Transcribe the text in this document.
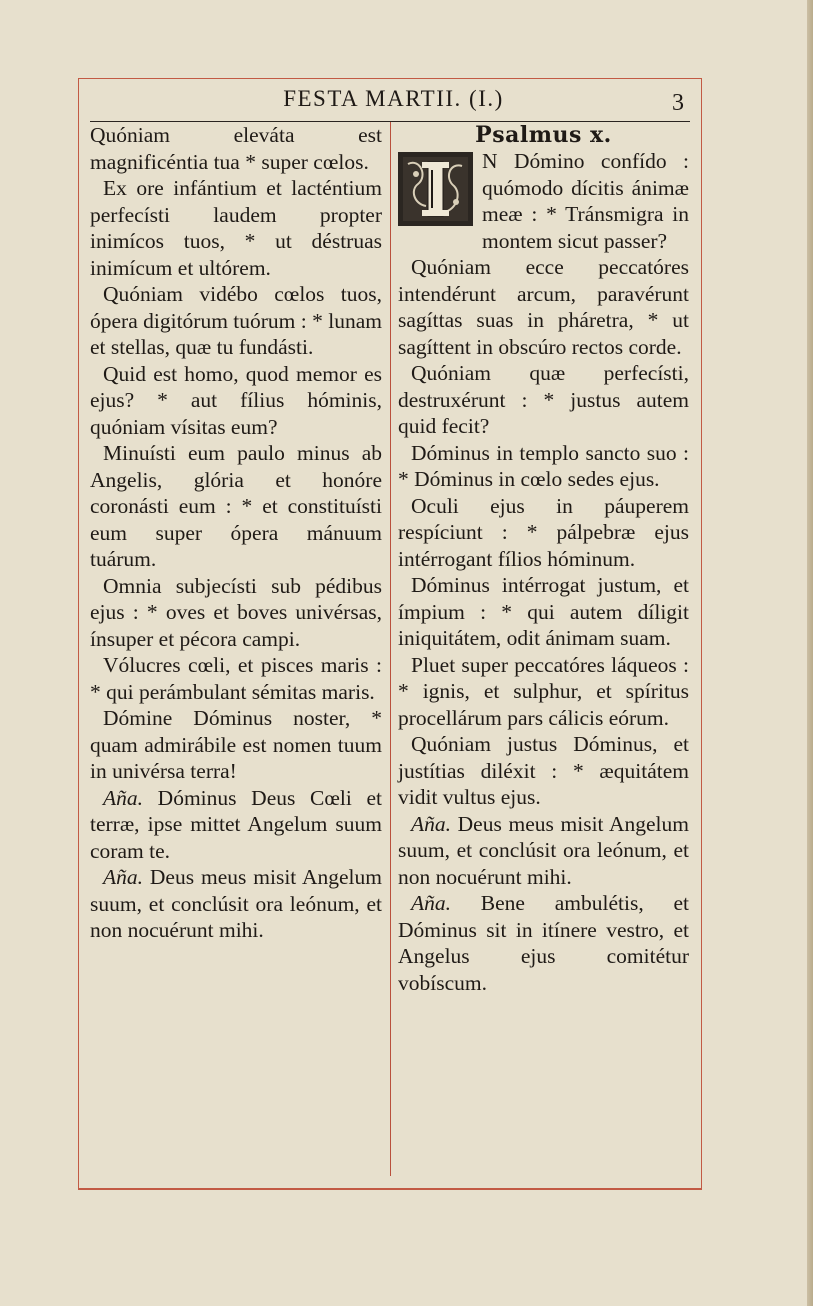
FESTA MARTII. (I.)	3

Quóniam eleváta est magnificéntia tua * super cœlos.

Ex ore infántium et lacténtium perfecísti laudem propter inimícos tuos, * ut déstruas inimícum et ultórem.

Quóniam vidébo cœlos tuos, ópera digitórum tuórum : * lunam et stellas, quæ tu fundásti.

Quid est homo, quod memor es ejus? * aut fílius hóminis, quóniam vísitas eum?

Minuísti eum paulo minus ab Angelis, glória et honóre coronásti eum : * et constituísti eum super ópera mánuum tuárum.

Omnia subjecísti sub pédibus ejus : * oves et boves univérsas, ínsuper et pécora campi.

Vólucres cœli, et pisces maris : * qui perámbulant sémitas maris.

Dómine Dóminus noster, * quam admirábile est nomen tuum in univérsa terra!

Aña. Dóminus Deus Cœli et terræ, ipse mittet Angelum suum coram te.

Aña. Deus meus misit Angelum suum, et conclúsit ora leónum, et non nocuérunt mihi.

Psalmus x.

N Dómino confído : quómodo dícitis ánimæ meæ : * Tránsmigra in montem sicut passer?

Quóniam ecce peccatóres intendérunt arcum, paravérunt sagíttas suas in pháretra, * ut sagíttent in obscúro rectos corde.

Quóniam quæ perfecísti, destruxérunt : * justus autem quid fecit?

Dóminus in templo sancto suo : * Dóminus in cœlo sedes ejus.

Oculi ejus in páuperem respíciunt : * pálpebræ ejus intérrogant fílios hóminum.

Dóminus intérrogat justum, et ímpium : * qui autem díligit iniquitátem, odit ánimam suam.

Pluet super peccatóres láqueos : * ignis, et sulphur, et spíritus procellárum pars cálicis eórum.

Quóniam justus Dóminus, et justítias diléxit : * æquitátem vidit vultus ejus.

Aña. Deus meus misit Angelum suum, et conclúsit ora leónum, et non nocuérunt mihi.

Aña. Bene ambulétis, et Dóminus sit in itínere vestro, et Angelus ejus comitétur vobíscum.
